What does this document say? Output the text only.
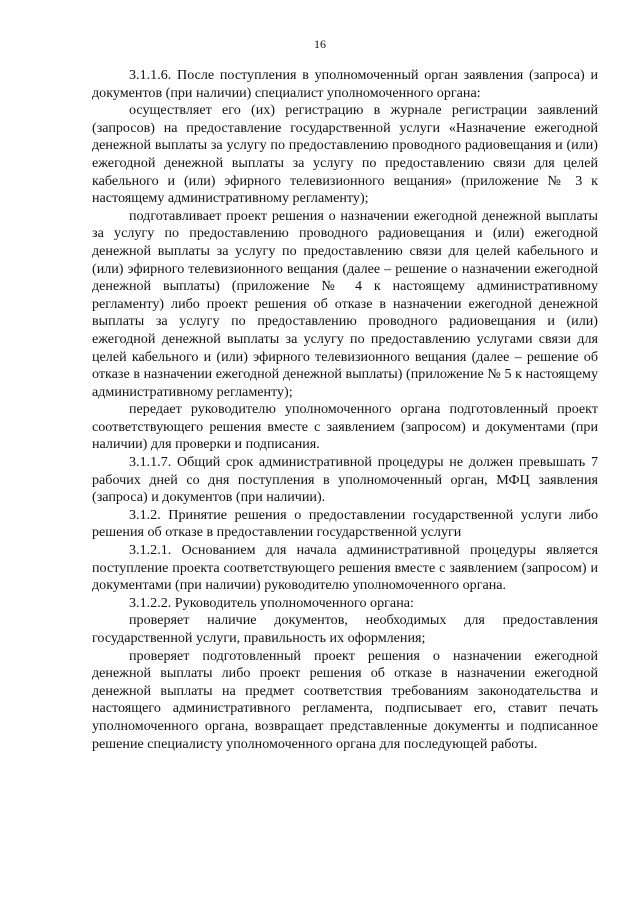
16

3.1.1.6. После поступления в уполномоченный орган заявления (запроса) и документов (при наличии) специалист уполномоченного органа:

осуществляет его (их) регистрацию в журнале регистрации заявлений (запросов) на предоставление государственной услуги «Назначение ежегодной денежной выплаты за услугу по предоставлению проводного радиовещания и (или) ежегодной денежной выплаты за услугу по предоставлению связи для целей кабельного и (или) эфирного телевизионного вещания» (приложение № 3 к настоящему административному регламенту);

подготавливает проект решения о назначении ежегодной денежной выплаты за услугу по предоставлению проводного радиовещания и (или) ежегодной денежной выплаты за услугу по предоставлению связи для целей кабельного и (или) эфирного телевизионного вещания (далее – решение о назначении ежегодной денежной выплаты) (приложение № 4 к настоящему административному регламенту) либо проект решения об отказе в назначении ежегодной денежной выплаты за услугу по предоставлению проводного радиовещания и (или) ежегодной денежной выплаты за услугу по предоставлению услугами связи для целей кабельного и (или) эфирного телевизионного вещания (далее – решение об отказе в назначении ежегодной денежной выплаты) (приложение № 5 к настоящему административному регламенту);

передает руководителю уполномоченного органа подготовленный проект соответствующего решения вместе с заявлением (запросом) и документами (при наличии) для проверки и подписания.

3.1.1.7. Общий срок административной процедуры не должен превышать 7 рабочих дней со дня поступления в уполномоченный орган, МФЦ заявления (запроса) и документов (при наличии).

3.1.2. Принятие решения о предоставлении государственной услуги либо решения об отказе в предоставлении государственной услуги

3.1.2.1. Основанием для начала административной процедуры является поступление проекта соответствующего решения вместе с заявлением (запросом) и документами (при наличии) руководителю уполномоченного органа.

3.1.2.2. Руководитель уполномоченного органа:

проверяет наличие документов, необходимых для предоставления государственной услуги, правильность их оформления;

проверяет подготовленный проект решения о назначении ежегодной денежной выплаты либо проект решения об отказе в назначении ежегодной денежной выплаты на предмет соответствия требованиям законодательства и настоящего административного регламента, подписывает его, ставит печать уполномоченного органа, возвращает представленные документы и подписанное решение специалисту уполномоченного органа для последующей работы.
